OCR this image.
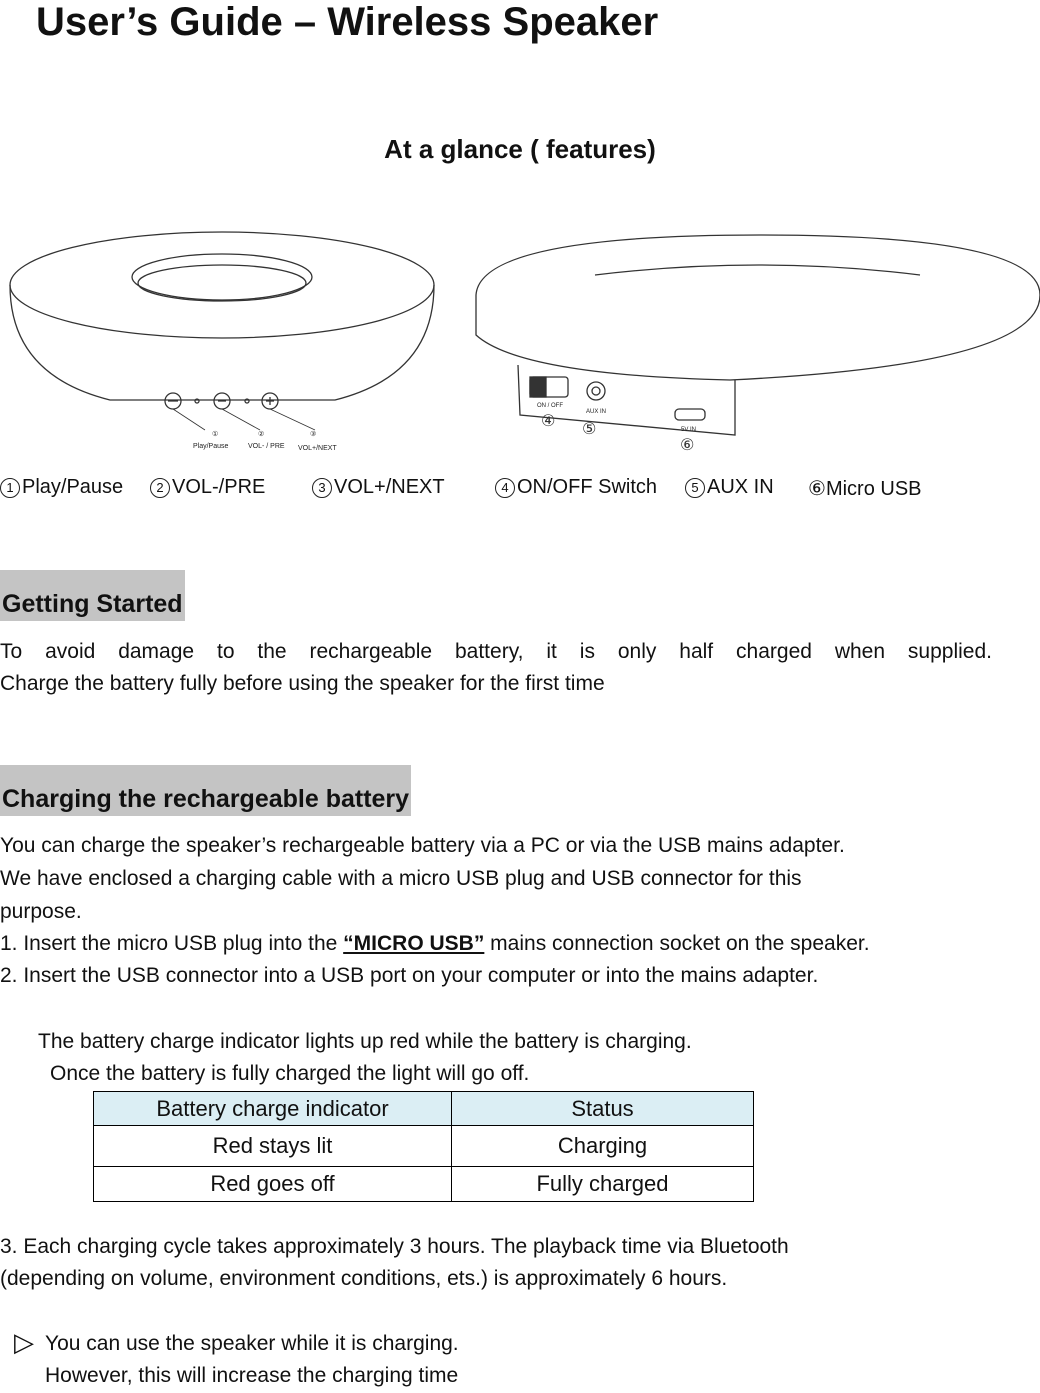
User’s Guide – Wireless Speaker
At a glance ( features)
①	②	③
Play/Pause	VOL- / PRE VOL+/NEXT
ON / OFF
AUX IN
5V IN
④ ⑤
⑥
1 Play/Pause	2 VOL-/PRE	3 VOL+/NEXT	4 ON/OFF Switch	5 AUX IN ⑥Micro USB
Getting Started
To avoid damage to the rechargeable battery, it is only half charged when supplied.
Charge the battery fully before using the speaker for the first time
Charging the rechargeable battery
You can charge the speaker’s rechargeable battery via a PC or via the USB mains adapter.
We have enclosed a charging cable with a micro USB plug and USB connector for this
purpose.
1. Insert the micro USB plug into the “MICRO USB” mains connection socket on the speaker.
2. Insert the USB connector into a USB port on your computer or into the mains adapter.
The battery charge indicator lights up red while the battery is charging.
Once the battery is fully charged the light will go off.
Battery charge indicator	Status
Red stays lit	Charging
Red goes off	Fully charged
3. Each charging cycle takes approximately 3 hours. The playback time via Bluetooth
(depending on volume, environment conditions, ets.) is approximately 6 hours.
▷ You can use the speaker while it is charging.
However, this will increase the charging time
